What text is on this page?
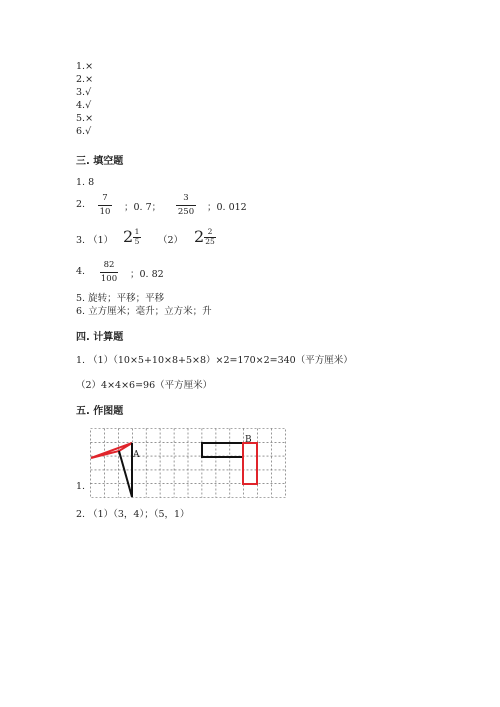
1.×
2.×
3.√
4.√
5.×
6.√
三. 填空题
1. 8
2.
7
10 ；0. 7；
3
250 ；0. 012
3. （1） 2 1
5 （2） 2 2
25
4.
82
100 ；0. 82
5. 旋转；平移；平移
6. 立方厘米；毫升；立方米；升
四. 计算题
1. （1）（10×5+10×8+5×8）×2=170×2=340（平方厘米）
（2）4×4×6=96（平方厘米）
五. 作图题
1.
A
B
2. （1）（3，4）；（5，1）
